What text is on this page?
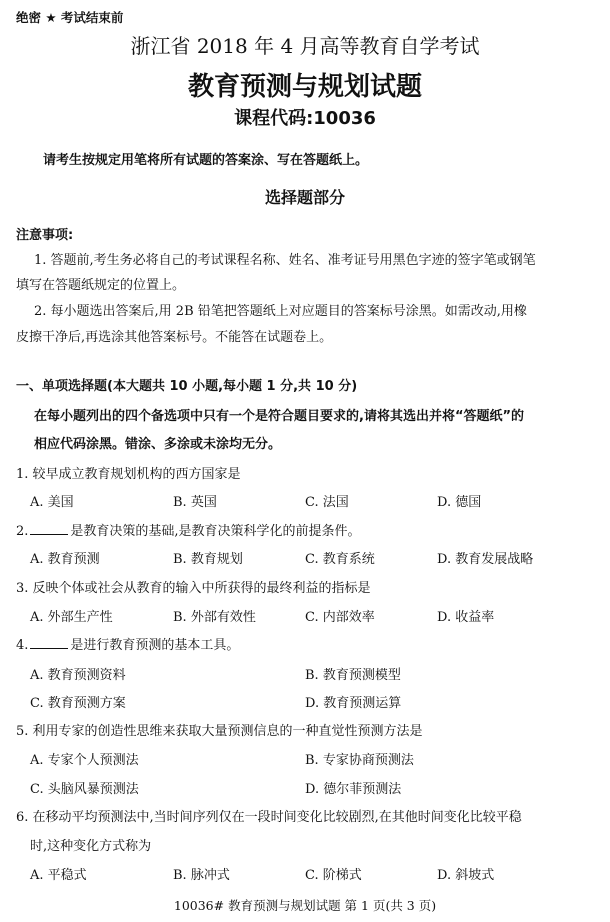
绝密 ★ 考试结束前
浙江省 2018 年 4 月高等教育自学考试
教育预测与规划试题
课程代码:10036
请考生按规定用笔将所有试题的答案涂、写在答题纸上。
选择题部分
注意事项:
1. 答题前,考生务必将自己的考试课程名称、姓名、准考证号用黑色字迹的签字笔或钢笔
填写在答题纸规定的位置上。
2. 每小题选出答案后,用 2B 铅笔把答题纸上对应题目的答案标号涂黑。如需改动,用橡
皮擦干净后,再选涂其他答案标号。不能答在试题卷上。
一、单项选择题(本大题共 10 小题,每小题 1 分,共 10 分)
在每小题列出的四个备选项中只有一个是符合题目要求的,请将其选出并将“答题纸”的
相应代码涂黑。错涂、多涂或未涂均无分。
1. 较早成立教育规划机构的西方国家是
A. 美国	B. 英国	C. 法国	D. 德国
2.	是教育决策的基础,是教育决策科学化的前提条件。
A. 教育预测	B. 教育规划	C. 教育系统	D. 教育发展战略
3. 反映个体或社会从教育的输入中所获得的最终利益的指标是
A. 外部生产性	B. 外部有效性	C. 内部效率	D. 收益率
4.	是进行教育预测的基本工具。
A. 教育预测资料	B. 教育预测模型
C. 教育预测方案	D. 教育预测运算
5. 利用专家的创造性思维来获取大量预测信息的一种直觉性预测方法是
A. 专家个人预测法	B. 专家协商预测法
C. 头脑风暴预测法	D. 德尔菲预测法
6. 在移动平均预测法中,当时间序列仅在一段时间变化比较剧烈,在其他时间变化比较平稳
时,这种变化方式称为
A. 平稳式	B. 脉冲式	C. 阶梯式	D. 斜坡式
10036# 教育预测与规划试题 第 1 页(共 3 页)
